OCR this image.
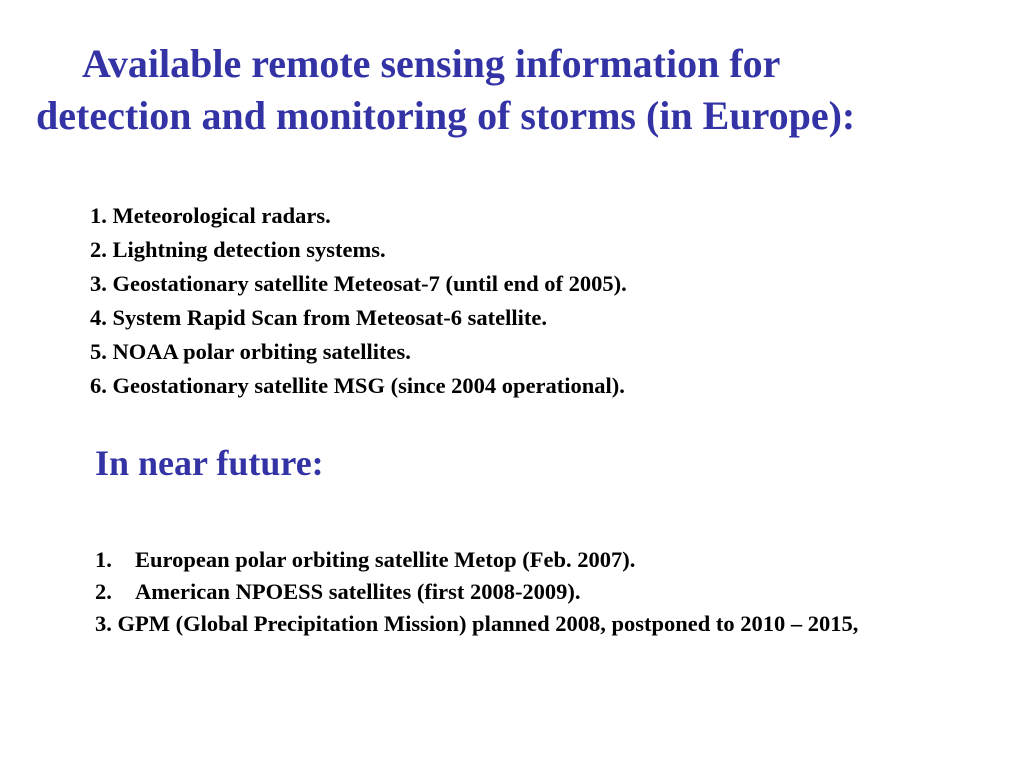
Available remote sensing information for
detection and monitoring of storms (in Europe):
1. Meteorological radars.
2. Lightning detection systems.
3. Geostationary satellite Meteosat-7 (until end of 2005).
4. System Rapid Scan from Meteosat-6 satellite.
5. NOAA polar orbiting satellites.
6. Geostationary satellite MSG (since 2004 operational).
In near future:
1. European polar orbiting satellite Metop (Feb. 2007).
2. American NPOESS satellites (first 2008-2009).
3. GPM (Global Precipitation Mission) planned 2008, postponed to 2010 – 2015,
